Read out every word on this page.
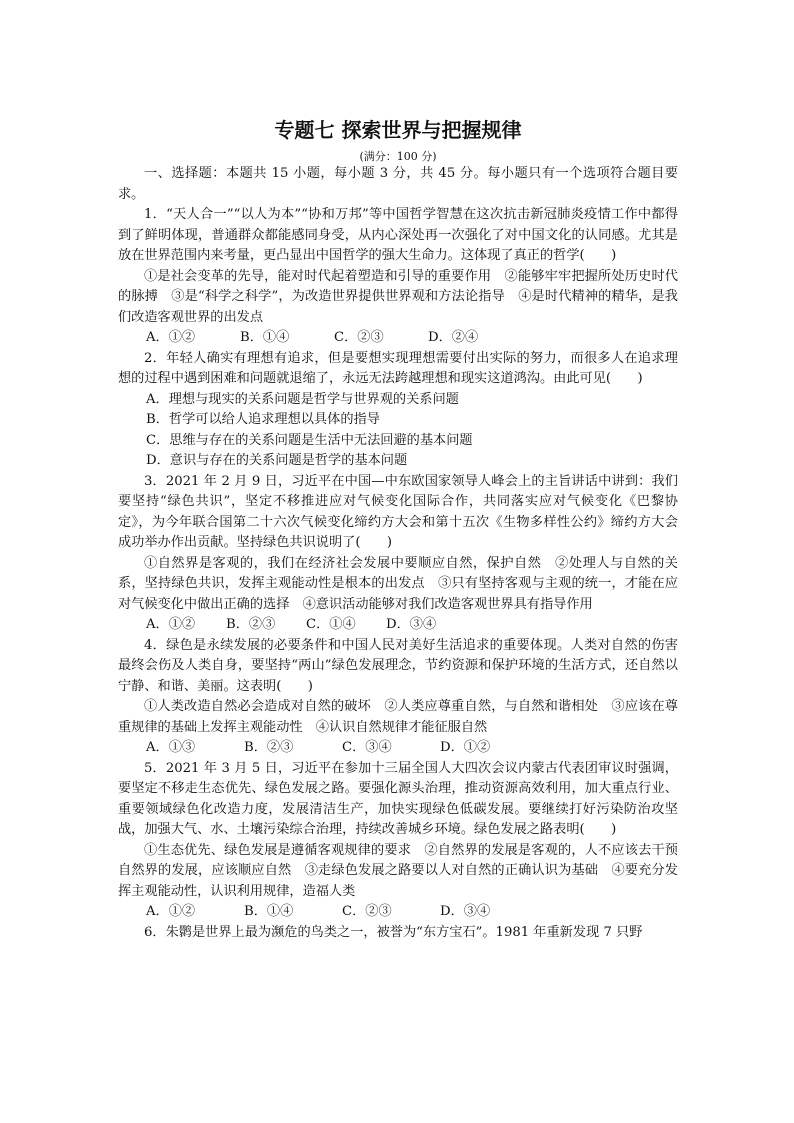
专题七 探索世界与把握规律
(满分：100 分)

一、选择题：本题共 15 小题，每小题 3 分，共 45 分。每小题只有一个选项符合题目要求。

1．“天人合一”“以人为本”“协和万邦”等中国哲学智慧在这次抗击新冠肺炎疫情工作中都得到了鲜明体现，普通群众都能感同身受，从内心深处再一次强化了对中国文化的认同感。尤其是放在世界范围内来考量，更凸显出中国哲学的强大生命力。这体现了真正的哲学(　　)

①是社会变革的先导，能对时代起着塑造和引导的重要作用　②能够牢牢把握所处历史时代的脉搏　③是“科学之科学”，为改造世界提供世界观和方法论指导　④是时代精神的精华，是我们改造客观世界的出发点

A．①②	B．①④	C．②③	D．②④

2．年轻人确实有理想有追求，但是要想实现理想需要付出实际的努力，而很多人在追求理想的过程中遇到困难和问题就退缩了，永远无法跨越理想和现实这道鸿沟。由此可见(　　)

A．理想与现实的关系问题是哲学与世界观的关系问题
B．哲学可以给人追求理想以具体的指导
C．思维与存在的关系问题是生活中无法回避的基本问题
D．意识与存在的关系问题是哲学的基本问题

3．2021 年 2 月 9 日，习近平在中国—中东欧国家领导人峰会上的主旨讲话中讲到：我们要坚持“绿色共识”，坚定不移推进应对气候变化国际合作，共同落实应对气候变化《巴黎协定》，为今年联合国第二十六次气候变化缔约方大会和第十五次《生物多样性公约》缔约方大会成功举办作出贡献。坚持绿色共识说明了(　　)

①自然界是客观的，我们在经济社会发展中要顺应自然，保护自然　②处理人与自然的关系，坚持绿色共识，发挥主观能动性是根本的出发点　③只有坚持客观与主观的统一，才能在应对气候变化中做出正确的选择　④意识活动能够对我们改造客观世界具有指导作用

A．①② B．②③ C．①④ D．③④

4．绿色是永续发展的必要条件和中国人民对美好生活追求的重要体现。人类对自然的伤害最终会伤及人类自身，要坚持“两山”绿色发展理念，节约资源和保护环境的生活方式，还自然以宁静、和谐、美丽。这表明(　　)

①人类改造自然必会造成对自然的破坏　②人类应尊重自然，与自然和谐相处　③应该在尊重规律的基础上发挥主观能动性　④认识自然规律才能征服自然

A．①③	B．②③	C．③④	D．①②

5．2021 年 3 月 5 日，习近平在参加十三届全国人大四次会议内蒙古代表团审议时强调，要坚定不移走生态优先、绿色发展之路。要强化源头治理，推动资源高效利用，加大重点行业、重要领域绿色化改造力度，发展清洁生产，加快实现绿色低碳发展。要继续打好污染防治攻坚战，加强大气、水、土壤污染综合治理，持续改善城乡环境。绿色发展之路表明(　　)

①生态优先、绿色发展是遵循客观规律的要求　②自然界的发展是客观的，人不应该去干预自然界的发展，应该顺应自然　③走绿色发展之路要以人对自然的正确认识为基础　④要充分发挥主观能动性，认识利用规律，造福人类

A．①②	B．①④	C．②③	D．③④

6．朱鹮是世界上最为濒危的鸟类之一，被誉为“东方宝石”。1981 年重新发现 7 只野
